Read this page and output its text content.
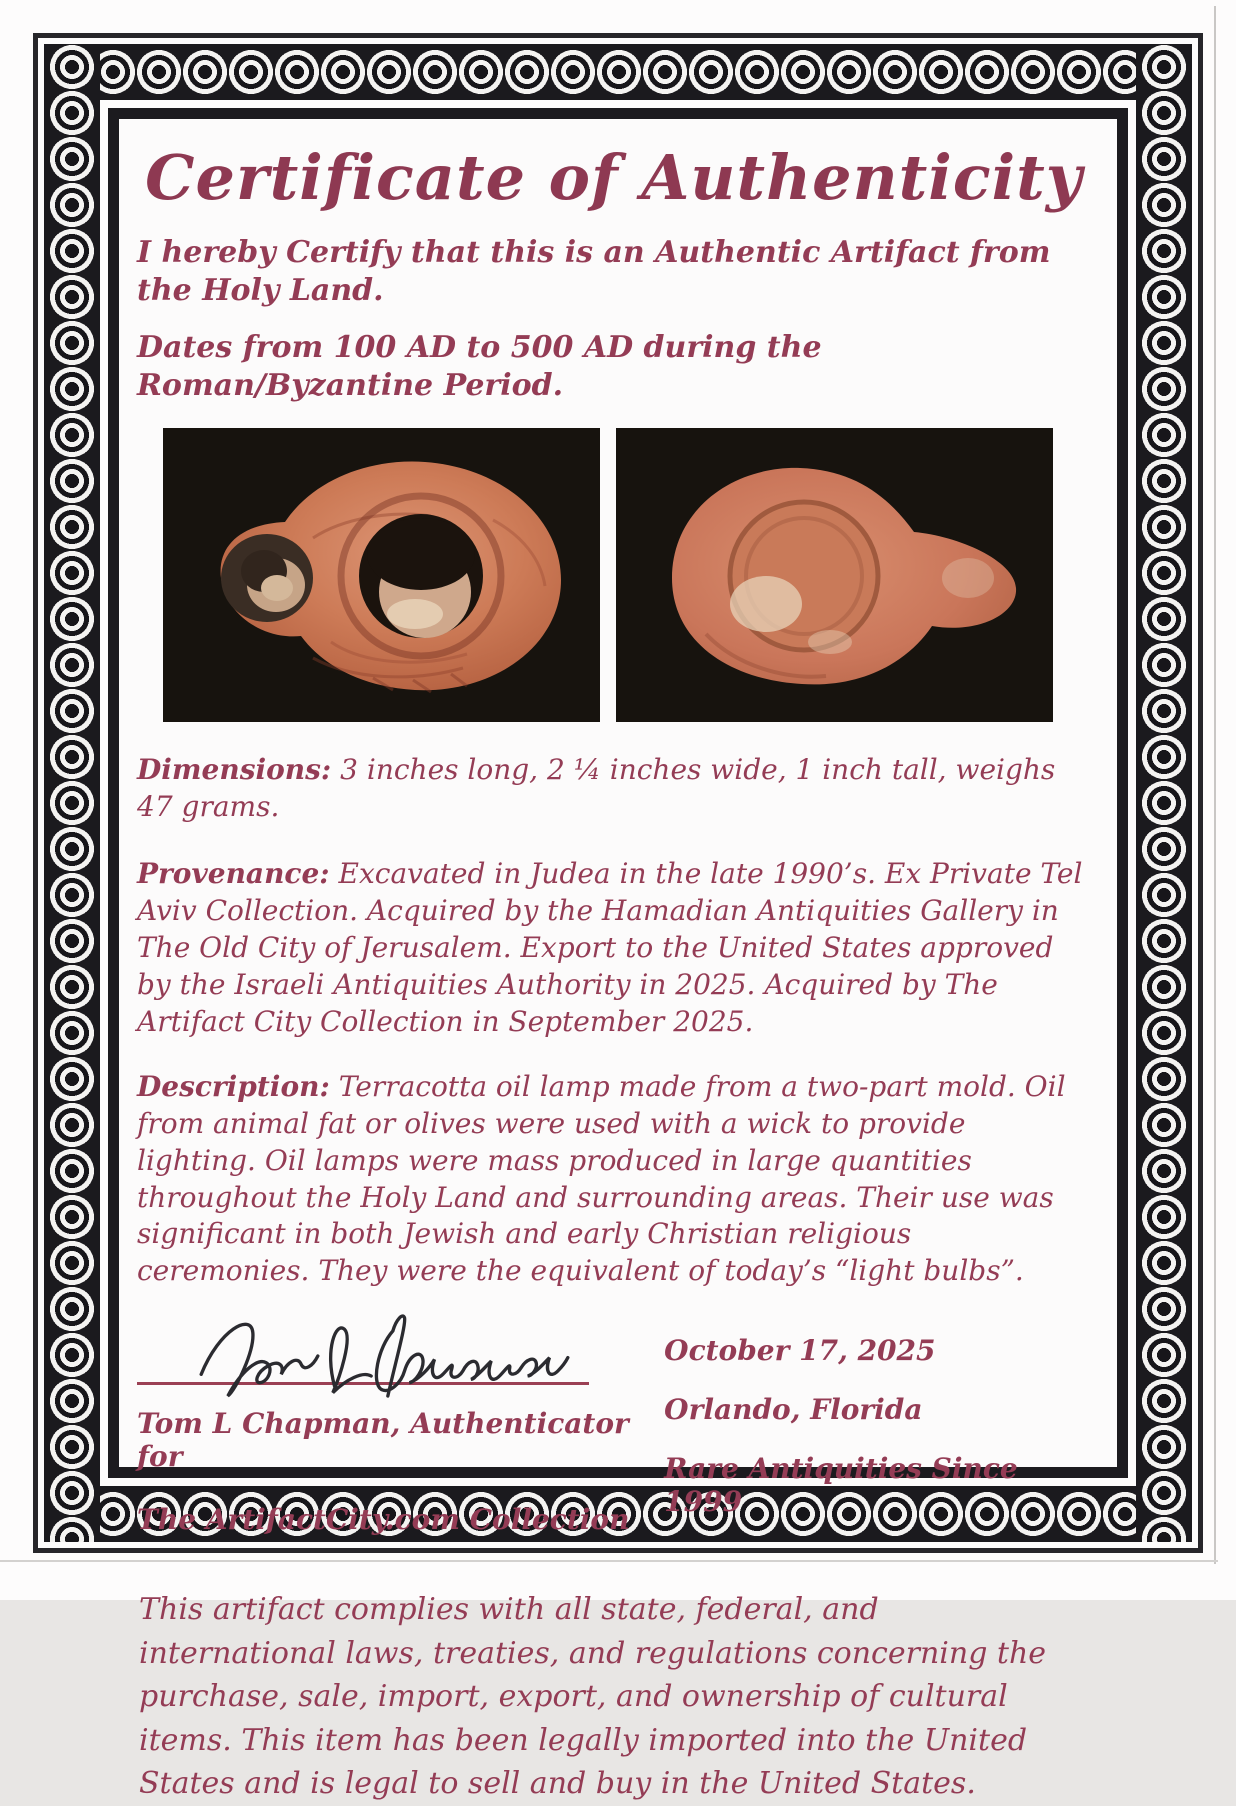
Certificate of Authenticity

I hereby Certify that this is an Authentic Artifact from the Holy Land.

Dates from 100 AD to 500 AD during the Roman/Byzantine Period.

Dimensions: 3 inches long, 2 ¼ inches wide, 1 inch tall, weighs 47 grams.

Provenance: Excavated in Judea in the late 1990’s. Ex Private Tel Aviv Collection. Acquired by the Hamadian Antiquities Gallery in The Old City of Jerusalem. Export to the United States approved by the Israeli Antiquities Authority in 2025. Acquired by The Artifact City Collection in September 2025.

Description: Terracotta oil lamp made from a two-part mold. Oil from animal fat or olives were used with a wick to provide lighting. Oil lamps were mass produced in large quantities throughout the Holy Land and surrounding areas. Their use was significant in both Jewish and early Christian religious ceremonies. They were the equivalent of today’s “light bulbs”.

Tom L Chapman, Authenticator for

The ArtifactCity.com Collection

October 17, 2025

Orlando, Florida

Rare Antiquities Since 1999

This artifact complies with all state, federal, and international laws, treaties, and regulations concerning the purchase, sale, import, export, and ownership of cultural items. This item has been legally imported into the United States and is legal to sell and buy in the United States.
